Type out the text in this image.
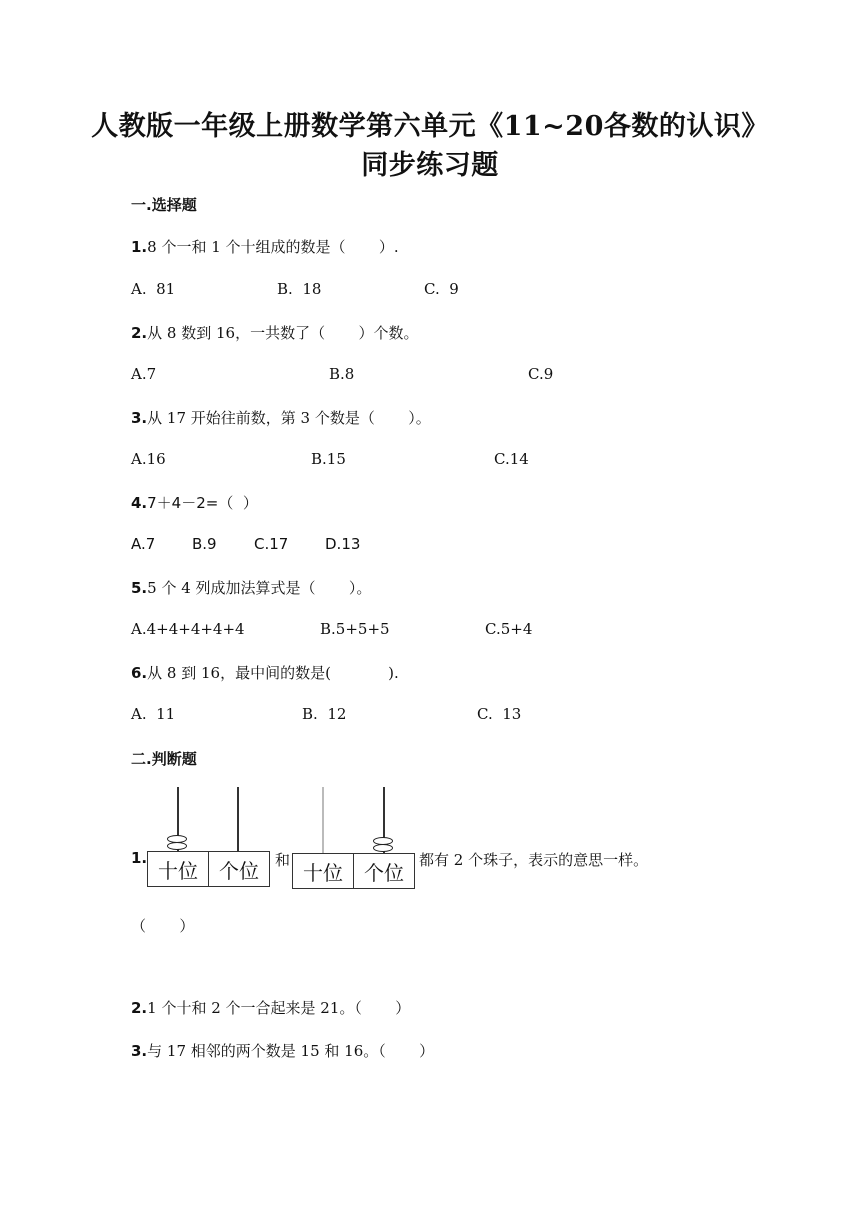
人教版一年级上册数学第六单元《11~20各数的认识》
同步练习题
一.选择题
1.8 个一和 1 个十组成的数是（       ）.
A.  81	B.  18	C.  9
2.从 8 数到 16，一共数了（       ）个数。
A.7	B.8	C.9
3.从 17 开始往前数，第 3 个数是（       ）。
A.16	B.15	C.14
4.7＋4－2=（  ）
A.7 B.9 C.17 D.13
5.5 个 4 列成加法算式是（       ）。
A.4+4+4+4+4	B.5+5+5	C.5+4
6.从 8 到 16，最中间的数是(            ).
A.  11	B.  12	C.  13
二.判断题
1.
十位	个位	和
十位	个位
都有 2 个珠子，表示的意思一样。
（       ）
2.1 个十和 2 个一合起来是 21。（       ）
3.与 17 相邻的两个数是 15 和 16。（       ）
